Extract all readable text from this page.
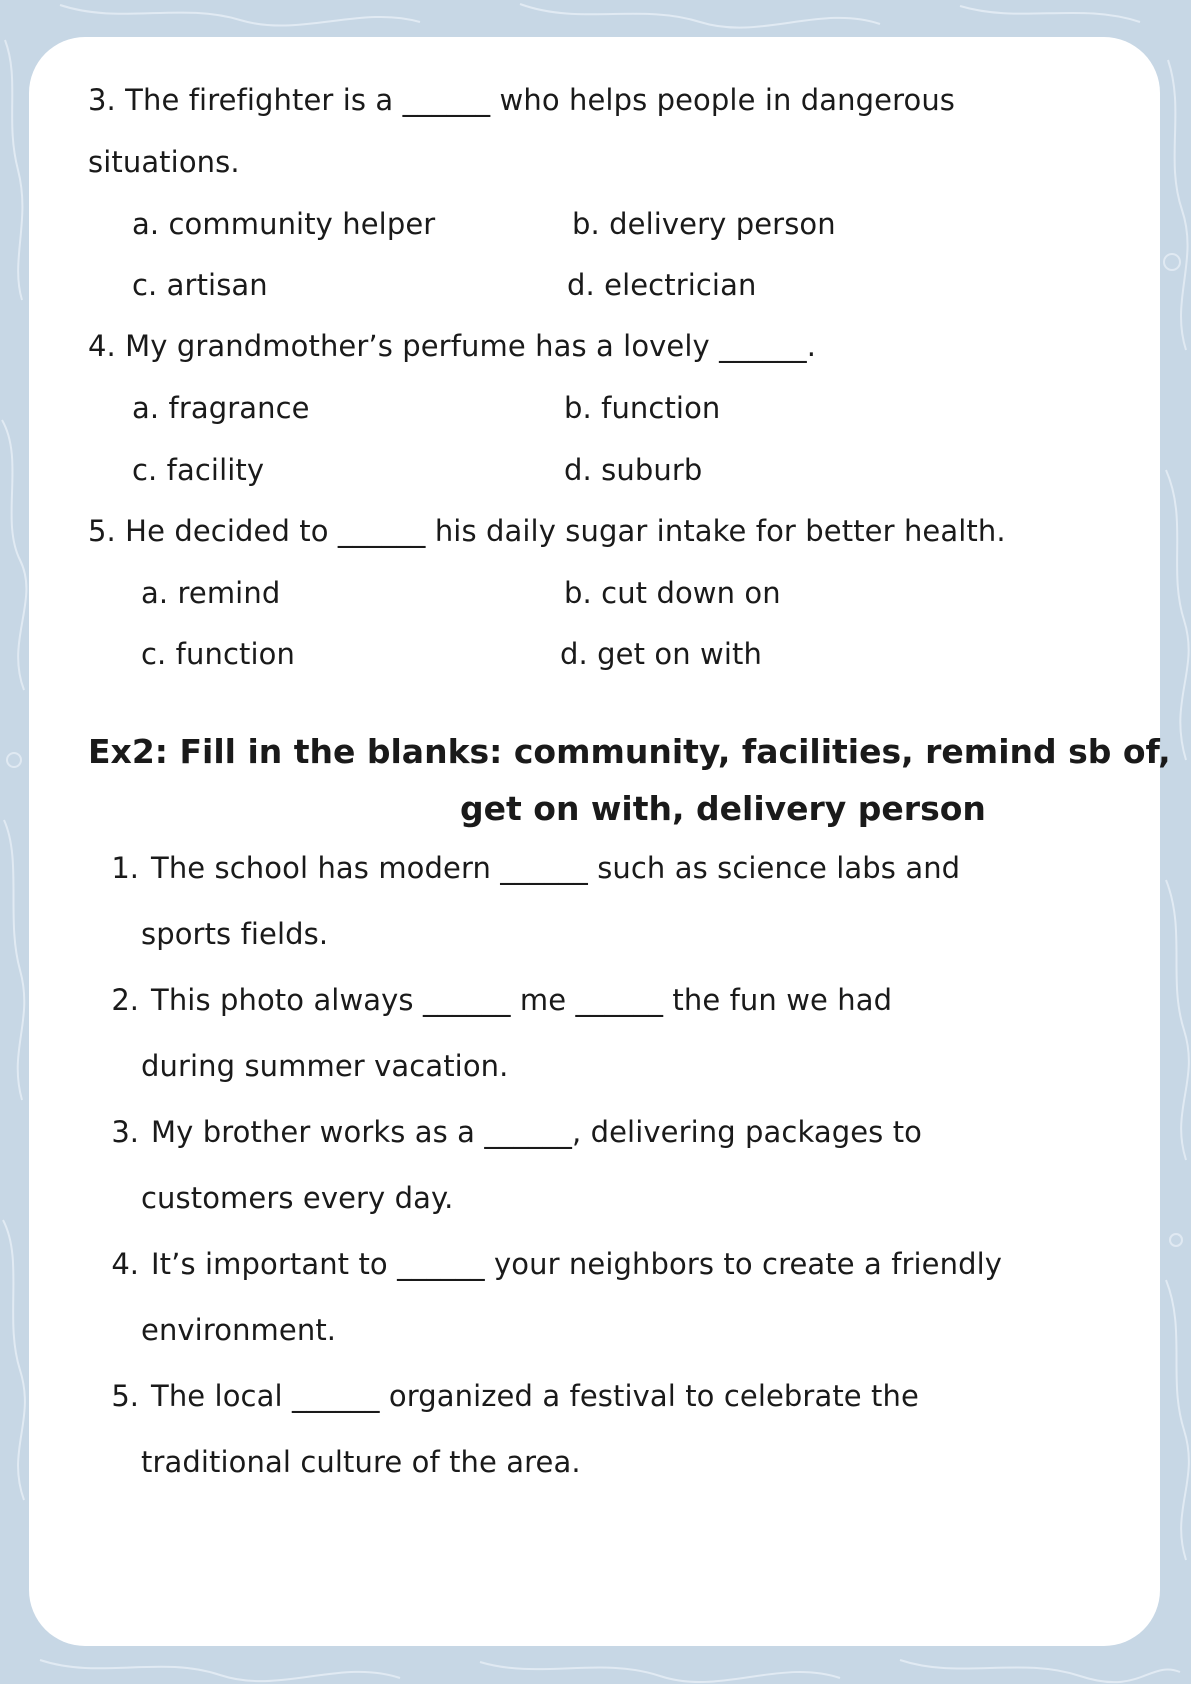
3. The firefighter is a ______ who helps people in dangerous
situations.
a. community helper	b. delivery person
c. artisan	d. electrician
4. My grandmother’s perfume has a lovely ______.
a. fragrance	b. function
c. facility	d. suburb
5. He decided to ______ his daily sugar intake for better health.
a. remind	b. cut down on
c. function	d. get on with
Ex2: Fill in the blanks: community, facilities, remind sb of,
get on with, delivery person
1. The school has modern ______ such as science labs and
sports fields.
2. This photo always ______ me ______ the fun we had
during summer vacation.
3. My brother works as a ______, delivering packages to
customers every day.
4. It’s important to ______ your neighbors to create a friendly
environment.
5. The local ______ organized a festival to celebrate the
traditional culture of the area.
